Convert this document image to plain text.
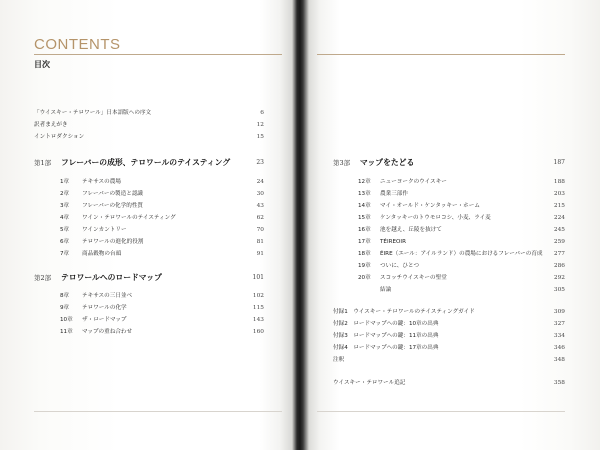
CONTENTS
目次
「ウイスキー・テロワール」日本語版への序文	6
訳者まえがき	12
イントロダクション	15
第1部 フレーバーの成形、テロワールのテイスティング	23
1章 テキサスの農場	24
2章 フレーバーの製造と認識	30
3章 フレーバーの化学的性質	43
4章 ワイン・テロワールのテイスティング	62
5章 ワインカントリー	70
6章 テロワールの進化的役割	81
7章 商品穀物の台頭	91
第2部 テロワールへのロードマップ	101
8章 テキサスの三日並べ	102
9章 テロワールの化学	115
10章 ザ・ロードマップ	143
11章 マップの重ね合わせ	160
第3部 マップをたどる	187
12章 ニューヨークのウイスキー	188
13章 農業三部作	203
14章 マイ・オールド・ケンタッキー・ホーム	215
15章 ケンタッキーのトウモロコシ、小麦、ライ麦	224
16章 池を越え、丘陵を抜けて	245
17章 TÉIREOIR	259
18章 ÉIRE（エール：アイルランド）の農場におけるフレーバーの育成 277
19章 ついに、ひとつ	286
20章 スコッチウイスキーの聖堂	292
結論	305
付録1　ウイスキー・テロワールのテイスティングガイド	309
付録2　ロードマップへの鍵：10章の出典	327
付録3　ロードマップへの鍵：11章の出典	334
付録4　ロードマップへの鍵：17章の出典	346
注釈	348
ウイスキー・テロワール追記	358
